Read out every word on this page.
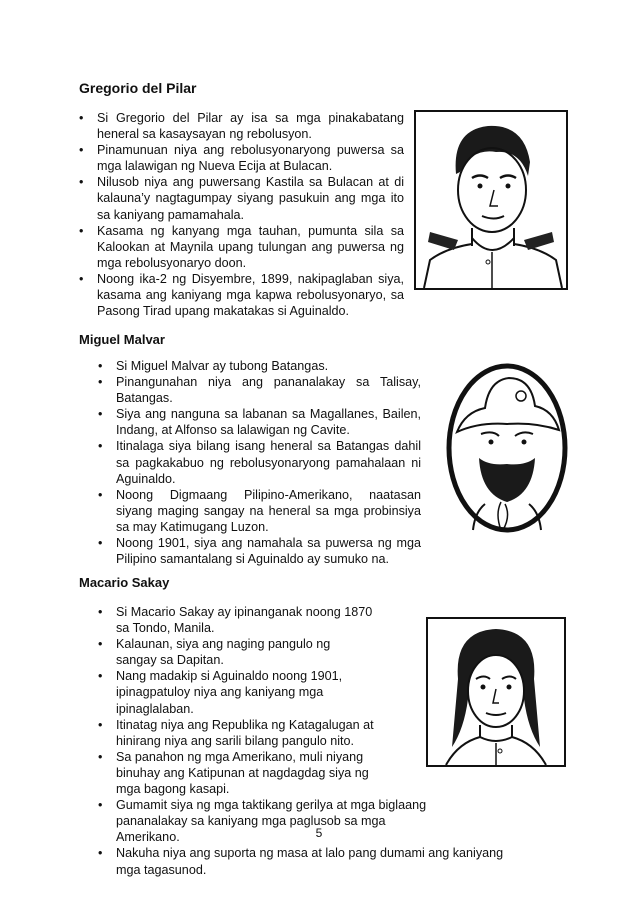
Gregorio del Pilar
• Si Gregorio del Pilar ay isa sa mga pinakabatang heneral sa kasaysayan ng rebolusyon.
• Pinamunuan niya ang rebolusyonaryong puwersa sa mga lalawigan ng Nueva Ecija at Bulacan.
• Nilusob niya ang puwersang Kastila sa Bulacan at di kalauna’y nagtagumpay siyang pasukuin ang mga ito sa kaniyang pamamahala.
• Kasama ng kanyang mga tauhan, pumunta sila sa Kalookan at Maynila upang tulungan ang puwersa ng mga rebolusyonaryo doon.
• Noong ika-2 ng Disyembre, 1899, nakipaglaban siya, kasama ang kaniyang mga kapwa rebolusyonaryo, sa Pasong Tirad upang makatakas si Aguinaldo.
Miguel Malvar
• Si Miguel Malvar ay tubong Batangas.
• Pinangunahan niya ang pananalakay sa Talisay, Batangas.
• Siya ang nanguna sa labanan sa Magallanes, Bailen, Indang, at Alfonso sa lalawigan ng Cavite.
• Itinalaga siya bilang isang heneral sa Batangas dahil sa pagkakabuo ng rebolusyonaryong pamahalaan ni Aguinaldo.
• Noong Digmaang Pilipino-Amerikano, naatasan siyang maging sangay na heneral sa mga probinsiya sa may Katimugang Luzon.
• Noong 1901, siya ang namahala sa puwersa ng mga Pilipino samantalang si Aguinaldo ay sumuko na.
Macario Sakay
• Si Macario Sakay ay ipinanganak noong 1870 sa Tondo, Manila.
• Kalaunan, siya ang naging pangulo ng sangay sa Dapitan.
• Nang madakip si Aguinaldo noong 1901, ipinagpatuloy niya ang kaniyang mga ipinaglalaban.
• Itinatag niya ang Republika ng Katagalugan at hinirang niya ang sarili bilang pangulo nito.
• Sa panahon ng mga Amerikano, muli niyang binuhay ang Katipunan at nagdagdag siya ng mga bagong kasapi.
• Gumamit siya ng mga taktikang gerilya at mga biglaang pananalakay sa kaniyang mga paglusob sa mga Amerikano.
• Nakuha niya ang suporta ng masa at lalo pang dumami ang kaniyang mga tagasunod.
5
